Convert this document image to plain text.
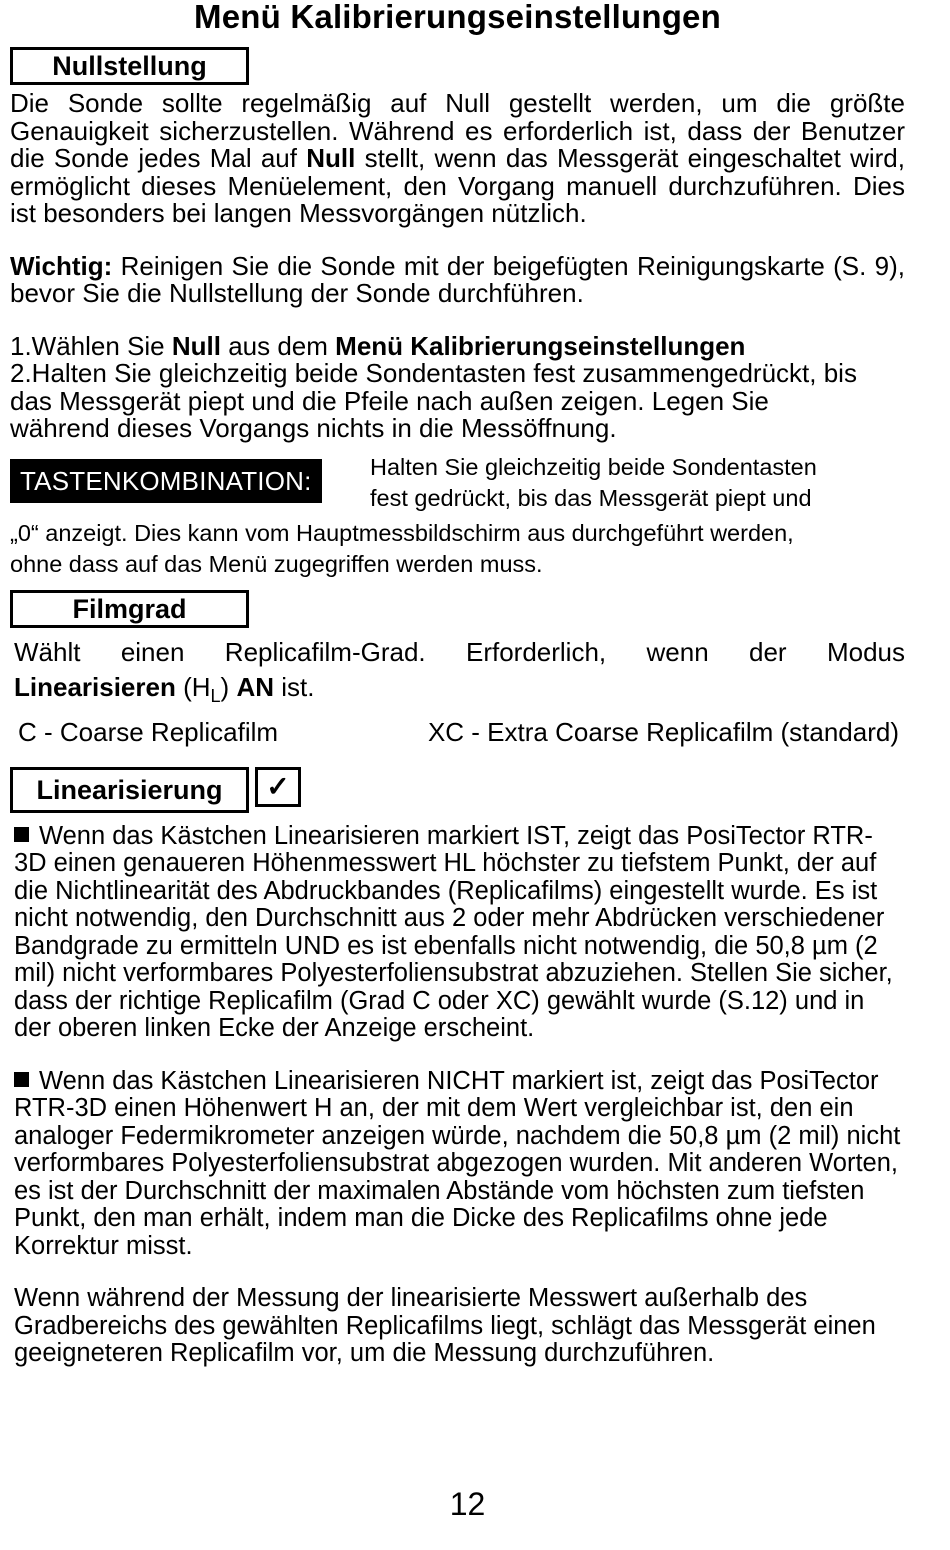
Menü Kalibrierungseinstellungen
Nullstellung

Die Sonde sollte regelmäßig auf Null gestellt werden, um die größte Genauigkeit sicherzustellen. Während es erforderlich ist, dass der Benutzer die Sonde jedes Mal auf Null stellt, wenn das Messgerät eingeschaltet wird, ermöglicht dieses Menüelement, den Vorgang manuell durchzuführen. Dies ist besonders bei langen Messvorgängen nützlich.

Wichtig: Reinigen Sie die Sonde mit der beigefügten Reinigungskarte (S. 9), bevor Sie die Nullstellung der Sonde durchführen.

1.Wählen Sie Null aus dem Menü Kalibrierungseinstellungen

2.Halten Sie gleichzeitig beide Sondentasten fest zusammengedrückt, bis das Messgerät piept und die Pfeile nach außen zeigen. Legen Sie während dieses Vorgangs nichts in die Messöffnung.

TASTENKOMBINATION:	Halten Sie gleichzeitig beide Sondentasten
fest gedrückt, bis das Messgerät piept und
„0“ anzeigt. Dies kann vom Hauptmessbildschirm aus durchgeführt werden,
ohne dass auf das Menü zugegriffen werden muss.
Filmgrad

Wählt einen Replicafilm-Grad. Erforderlich, wenn der Modus

Linearisieren $(H_L)$ AN ist.

C - Coarse Replicafilm	XC - Extra Coarse Replicafilm (standard)
Linearisierung	✓

Wenn das Kästchen Linearisieren markiert IST, zeigt das PosiTector RTR-3D einen genaueren Höhenmesswert HL höchster zu tiefstem Punkt, der auf die Nichtlinearität des Abdruckbandes (Replicafilms) eingestellt wurde. Es ist nicht notwendig, den Durchschnitt aus 2 oder mehr Abdrücken verschiedener Bandgrade zu ermitteln UND es ist ebenfalls nicht notwendig, die 50,8 µm (2 mil) nicht verformbares Polyesterfoliensubstrat abzuziehen. Stellen Sie sicher, dass der richtige Replicafilm (Grad C oder XC) gewählt wurde (S.12) und in der oberen linken Ecke der Anzeige erscheint.

Wenn das Kästchen Linearisieren NICHT markiert ist, zeigt das PosiTector RTR-3D einen Höhenwert H an, der mit dem Wert vergleichbar ist, den ein analoger Federmikrometer anzeigen würde, nachdem die 50,8 µm (2 mil) nicht verformbares Polyesterfoliensubstrat abgezogen wurden. Mit anderen Worten, es ist der Durchschnitt der maximalen Abstände vom höchsten zum tiefsten Punkt, den man erhält, indem man die Dicke des Replicafilms ohne jede Korrektur misst.

Wenn während der Messung der linearisierte Messwert außerhalb des Gradbereichs des gewählten Replicafilms liegt, schlägt das Messgerät einen geeigneteren Replicafilm vor, um die Messung durchzuführen.

12
